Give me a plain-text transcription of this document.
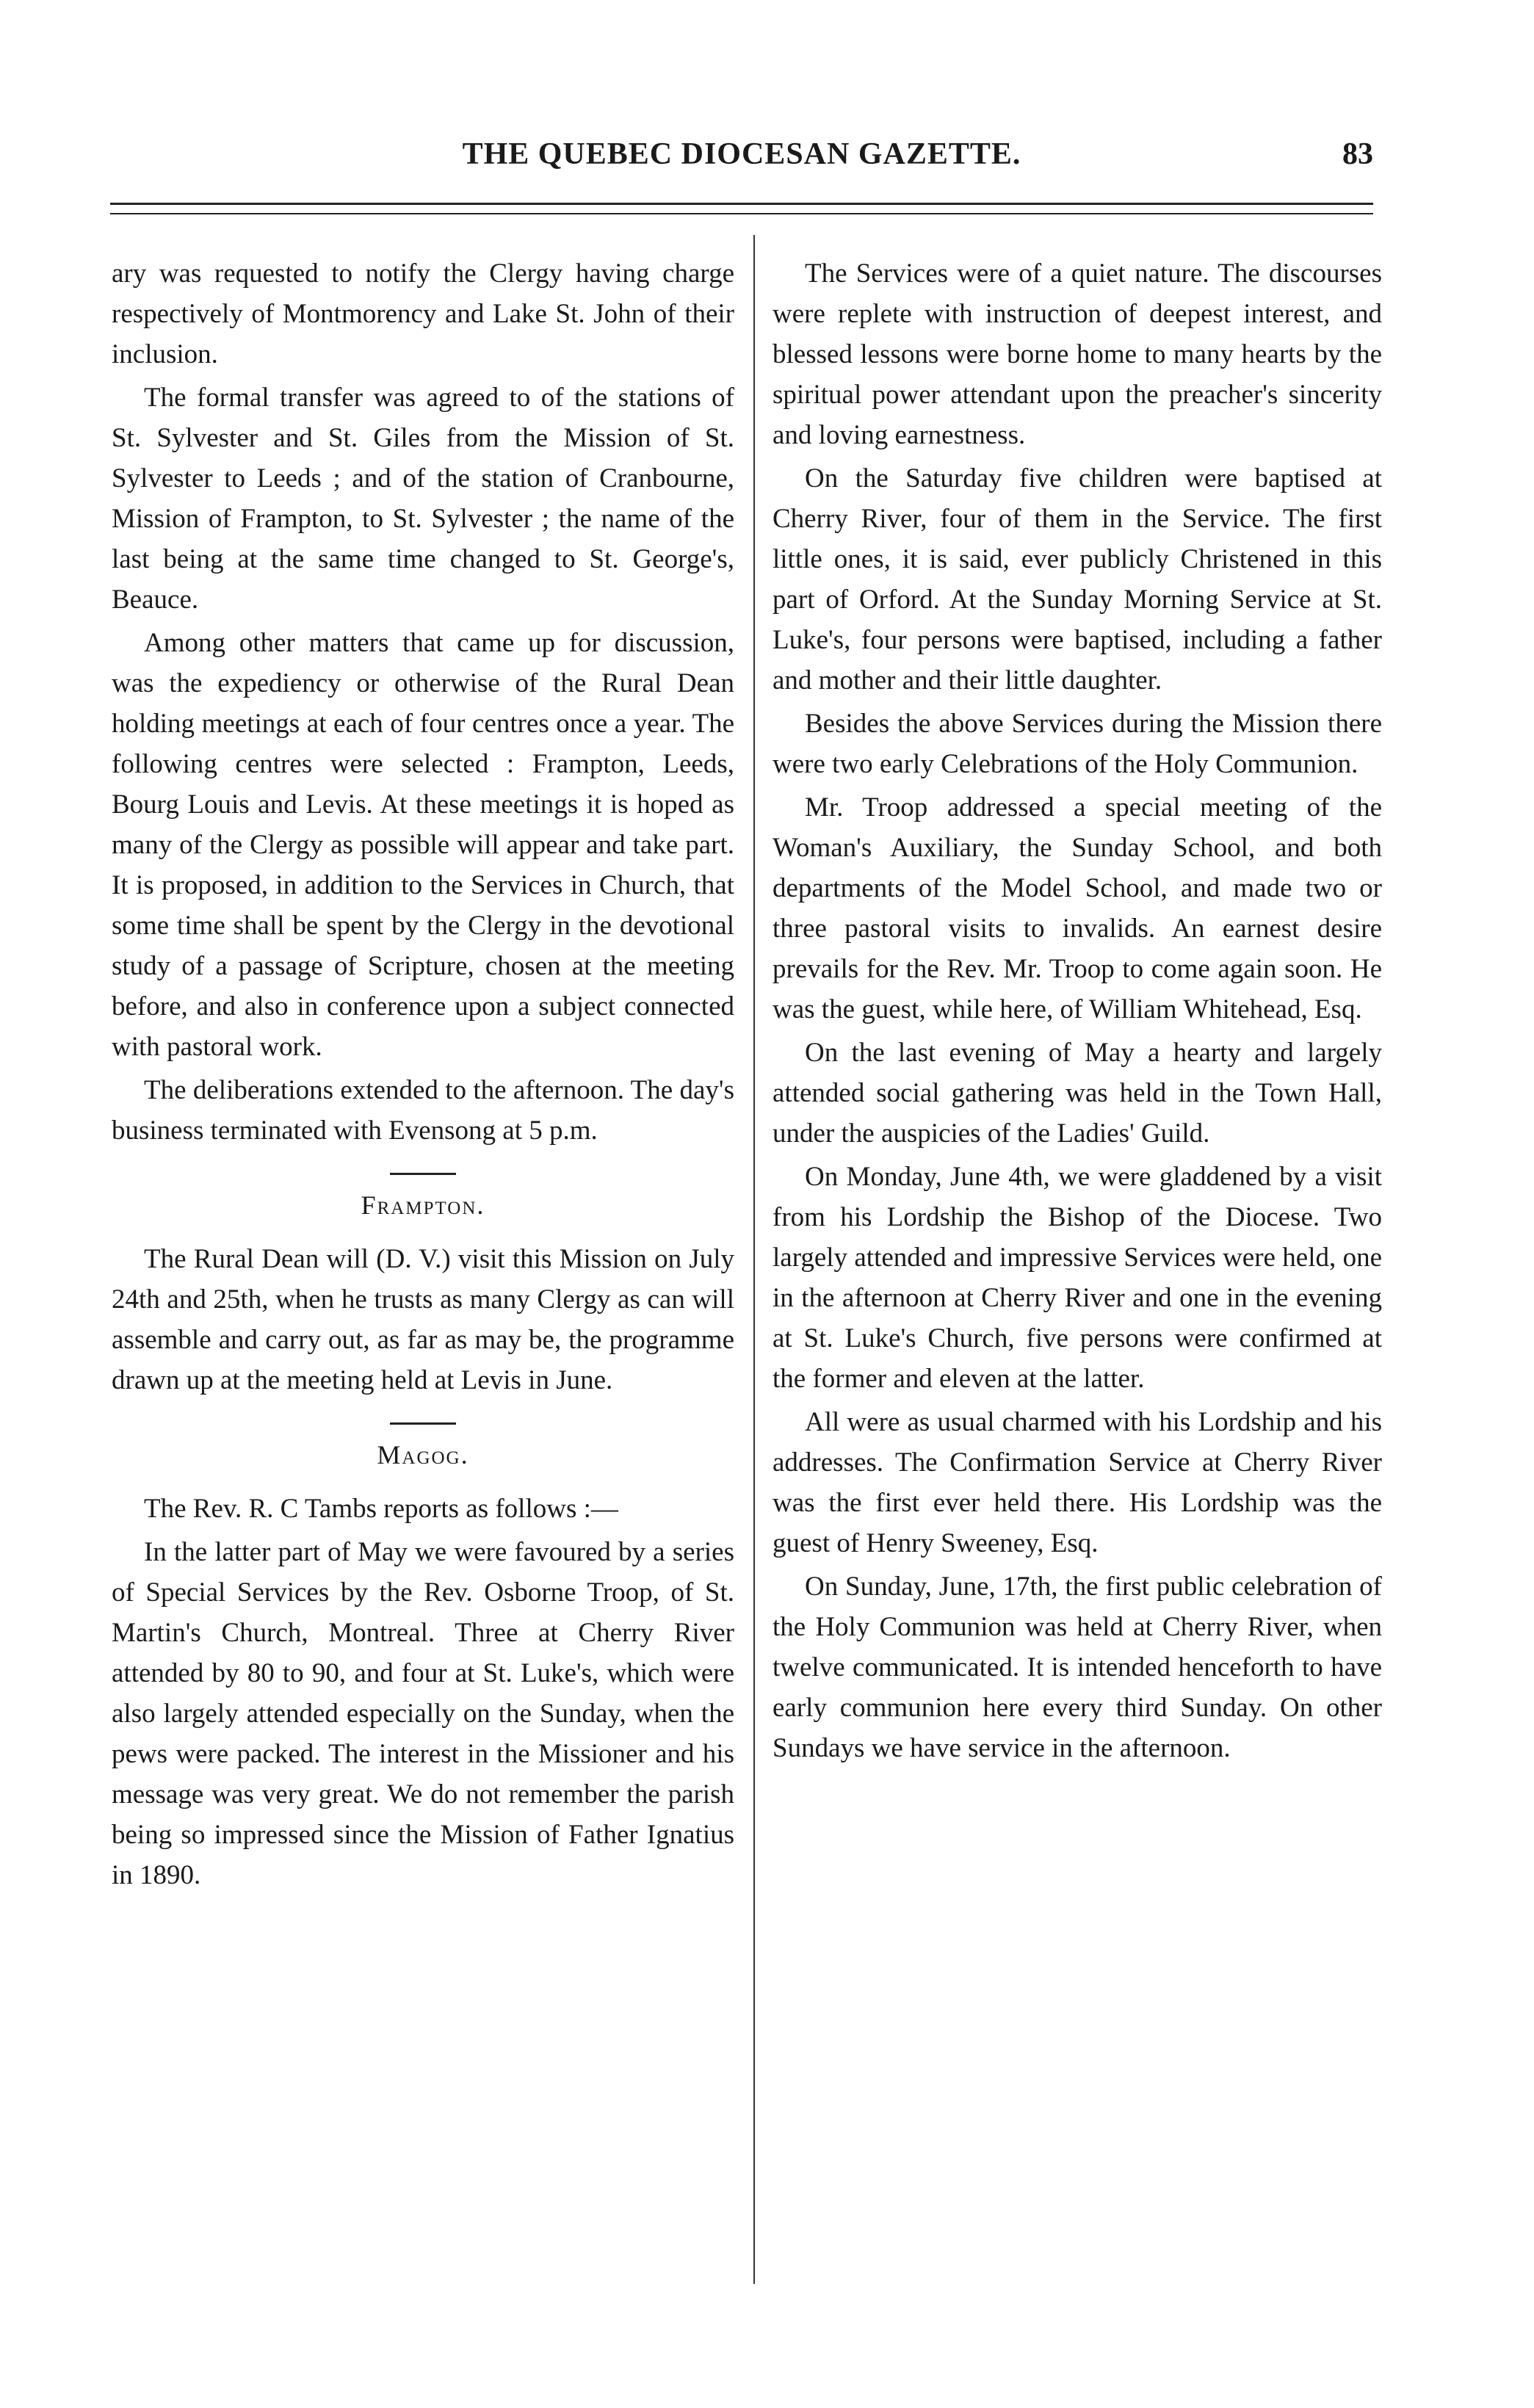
THE QUEBEC DIOCESAN GAZETTE.	83

ary was requested to notify the Clergy having charge respectively of Montmorency and Lake St. John of their inclusion.

The formal transfer was agreed to of the stations of St. Sylvester and St. Giles from the Mission of St. Sylvester to Leeds ; and of the station of Cranbourne, Mission of Frampton, to St. Sylvester ; the name of the last being at the same time changed to St. George's, Beauce.

Among other matters that came up for discussion, was the expediency or otherwise of the Rural Dean holding meetings at each of four centres once a year. The following centres were selected : Frampton, Leeds, Bourg Louis and Levis. At these meetings it is hoped as many of the Clergy as possible will appear and take part. It is proposed, in addition to the Services in Church, that some time shall be spent by the Clergy in the devotional study of a passage of Scripture, chosen at the meeting before, and also in conference upon a subject connected with pastoral work.

The deliberations extended to the afternoon. The day's business terminated with Evensong at 5 p.m.

Frampton.

The Rural Dean will (D. V.) visit this Mission on July 24th and 25th, when he trusts as many Clergy as can will assemble and carry out, as far as may be, the programme drawn up at the meeting held at Levis in June.

Magog.

The Rev. R. C Tambs reports as follows :—

In the latter part of May we were favoured by a series of Special Services by the Rev. Osborne Troop, of St. Martin's Church, Montreal. Three at Cherry River attended by 80 to 90, and four at St. Luke's, which were also largely attended especially on the Sunday, when the pews were packed. The interest in the Missioner and his message was very great. We do not remember the parish being so impressed since the Mission of Father Ignatius in 1890.

The Services were of a quiet nature. The discourses were replete with instruction of deepest interest, and blessed lessons were borne home to many hearts by the spiritual power attendant upon the preacher's sincerity and loving earnestness.

On the Saturday five children were baptised at Cherry River, four of them in the Service. The first little ones, it is said, ever publicly Christened in this part of Orford. At the Sunday Morning Service at St. Luke's, four persons were baptised, including a father and mother and their little daughter.

Besides the above Services during the Mission there were two early Celebrations of the Holy Communion.

Mr. Troop addressed a special meeting of the Woman's Auxiliary, the Sunday School, and both departments of the Model School, and made two or three pastoral visits to invalids. An earnest desire prevails for the Rev. Mr. Troop to come again soon. He was the guest, while here, of William Whitehead, Esq.

On the last evening of May a hearty and largely attended social gathering was held in the Town Hall, under the auspicies of the Ladies' Guild.

On Monday, June 4th, we were gladdened by a visit from his Lordship the Bishop of the Diocese. Two largely attended and impressive Services were held, one in the afternoon at Cherry River and one in the evening at St. Luke's Church, five persons were confirmed at the former and eleven at the latter.

All were as usual charmed with his Lordship and his addresses. The Confirmation Service at Cherry River was the first ever held there. His Lordship was the guest of Henry Sweeney, Esq.

On Sunday, June, 17th, the first public celebration of the Holy Communion was held at Cherry River, when twelve communicated. It is intended henceforth to have early communion here every third Sunday. On other Sundays we have service in the afternoon.
